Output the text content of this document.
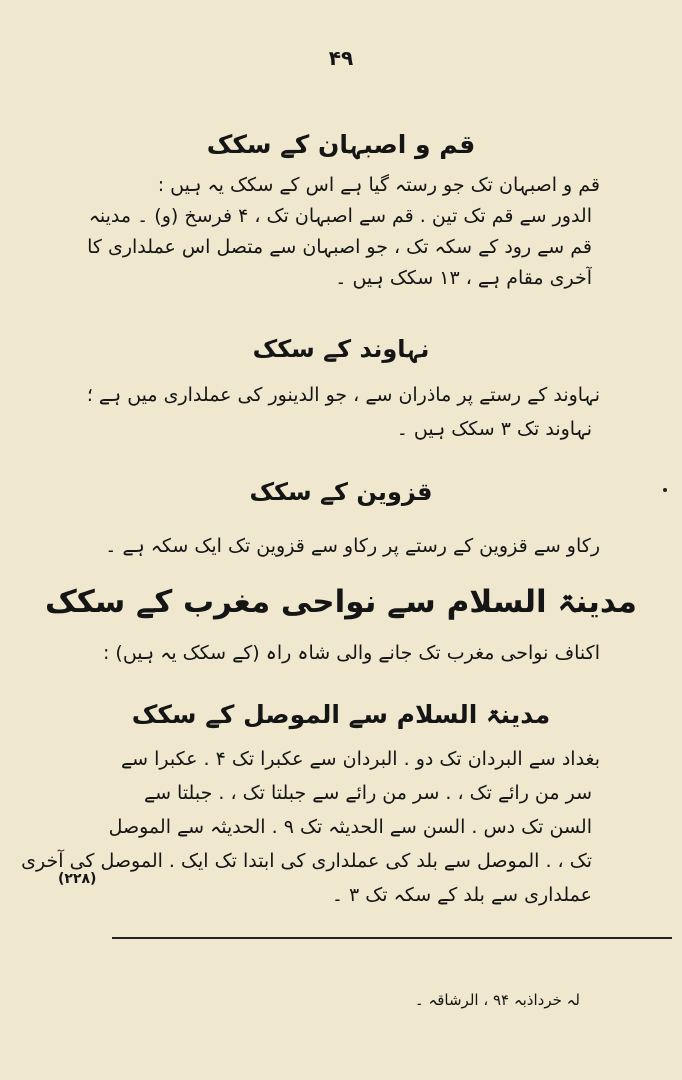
۴۹
قم و اصبہان کے سکک
قم و اصبہان تک جو رستہ گیا ہے اس کے سکک یہ ہیں :
الدور سے قم تک تین . قم سے اصبہان تک ، ۴ فرسخ (و) ۔ مدینہ
قم سے رود کے سکہ تک ، جو اصبہان سے متصل اس عملداری کا
آخری مقام ہے ، ۱۳ سکک ہیں ۔
نہاوند کے سکک
نہاوند کے رستے پر ماذران سے ، جو الدینور کی عملداری میں ہے ؛
نہاوند تک ۳ سکک ہیں ۔
قزوین کے سکک
رکاو سے قزوین کے رستے پر رکاو سے قزوین تک ایک سکہ ہے ۔
مدینۃ السلام سے نواحی مغرب کے سکک
اکناف نواحی مغرب تک جانے والی شاہ راہ (کے سکک یہ ہیں) :
مدینۃ السلام سے الموصل کے سکک
بغداد سے البردان تک دو . البردان سے عکبرا تک ۴ . عکبرا سے
سر من رائے تک ، . سر من رائے سے جبلتا تک ، . جبلتا سے
السن تک دس . السن سے الحدیثہ تک ۹ . الحدیثہ سے الموصل
تک ، . الموصل سے بلد کی عملداری کی ابتدا تک ایک . الموصل کی آخری
عملداری سے بلد کے سکہ تک ۳ ۔
(۲۲۸)
لہ خرداذبہ ۹۴ ، الرشاقہ ۔
